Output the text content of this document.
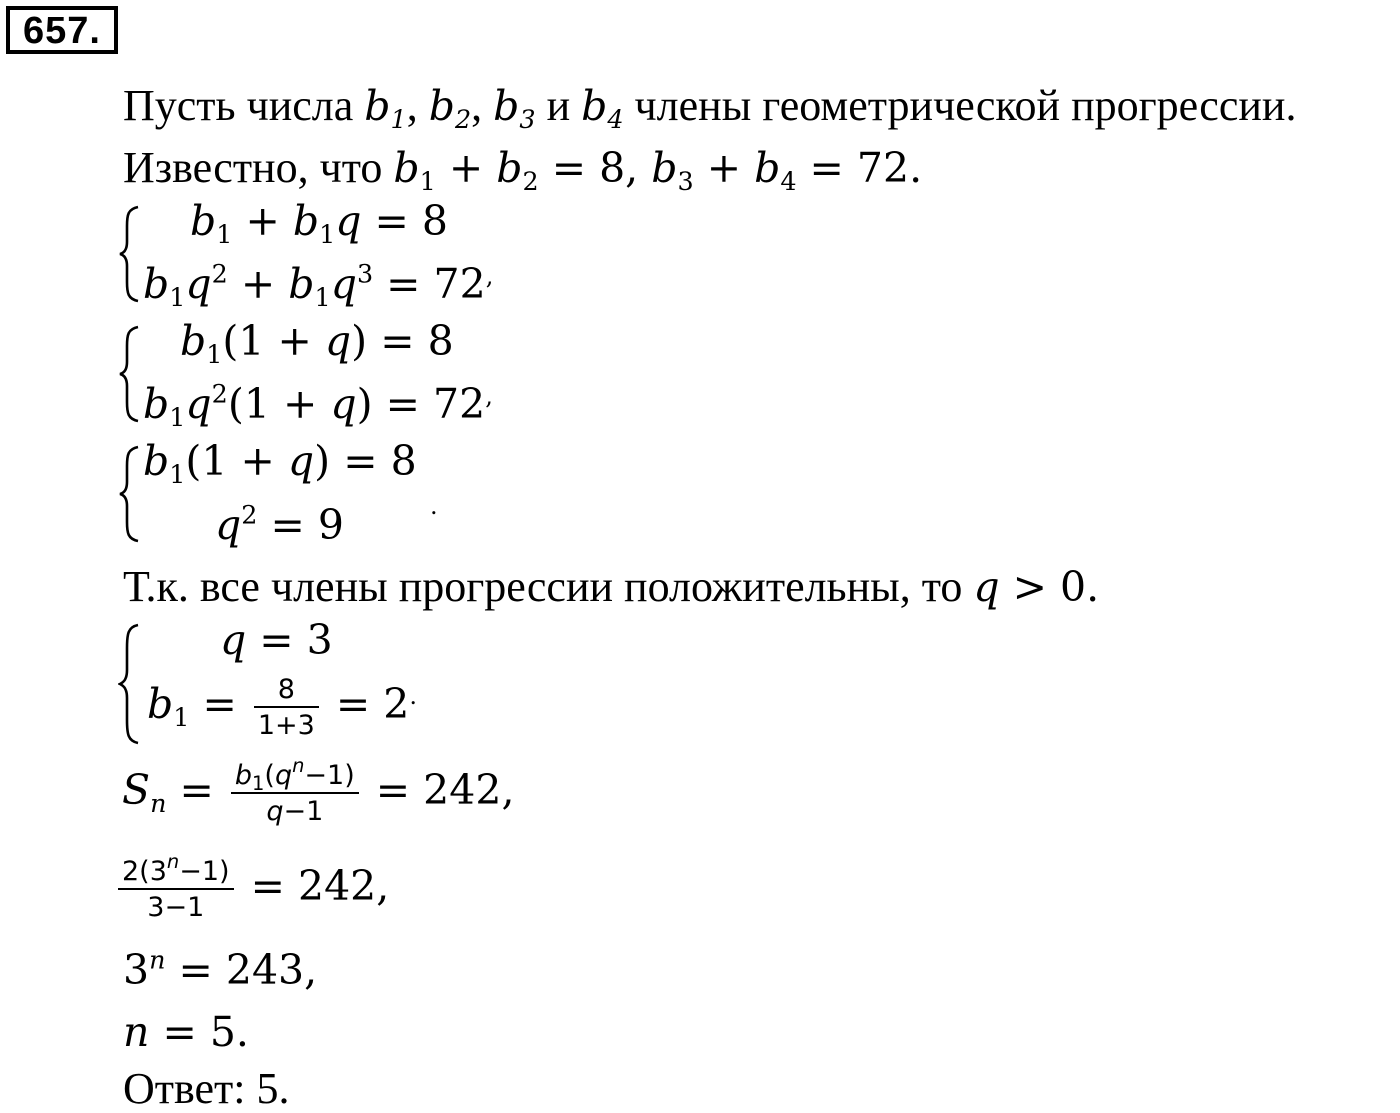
657.
Пусть числа $b_1$, $b_2$, $b_3$ и $b_4$ члены геометрической прогрессии.
Известно, что $b_1 + b_2 = 8$, $b_3 + b_4 = 72$.
$b_1 + b_1q = 8$
$b_1q^2 + b_1q^3 = 72^,$
$b_1(1 + q) = 8$
$b_1q^2(1 + q) = 72^,$
$b_1(1 + q) = 8$
$q^2 = 9$	.
Т.к. все члены прогрессии положительны, то q > 0.
q = 3
$b_1 = \frac{8}{1+3} = 2^.$
$S_n = \frac{b_1(q^n-1)}{q-1} = 242$,
$\frac{2(3^n-1)}{3-1} = 242$,
$3^n = 243$,
n = 5.
Ответ: 5.
